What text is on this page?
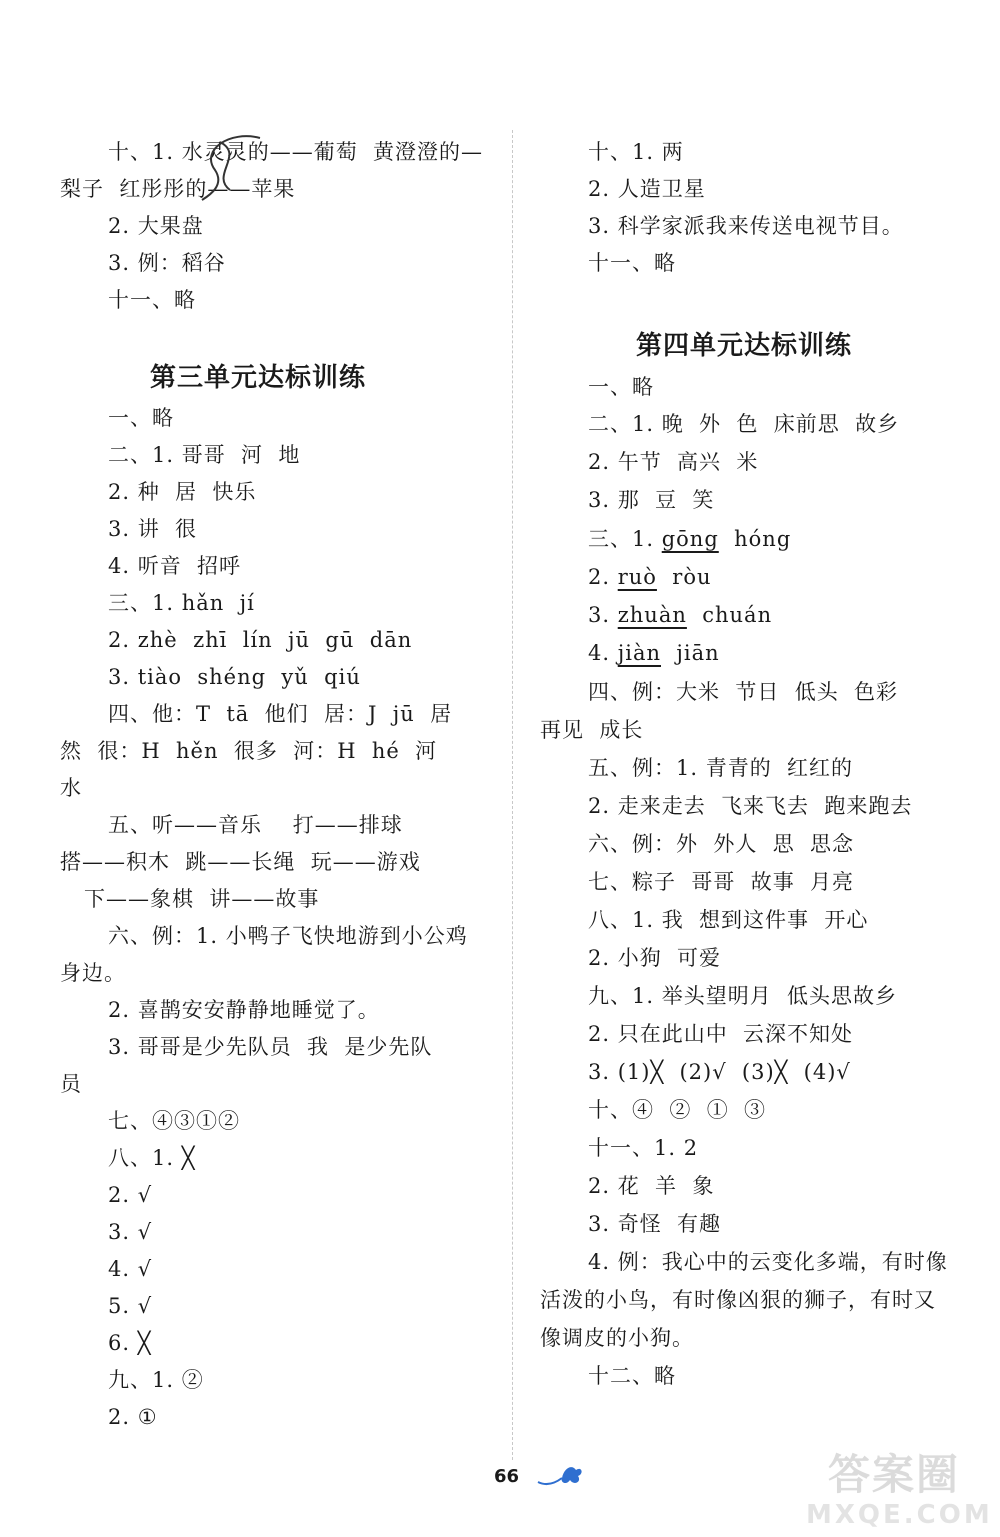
十、1. 水灵灵的——葡萄  黄澄澄的—
梨子  红彤彤的——苹果
2. 大果盘
3. 例：稻谷
十一、略
第三单元达标训练
一、略
二、1. 哥哥  河  地
2. 种  居  快乐
3. 讲  很
4. 听音  招呼
三、1. hǎn  jí
2. zhè  zhī  lín  jū  gū  dān
3. tiào  shéng  yǔ  qiú
四、他：T  tā  他们  居：J  jū  居
然  很：H  hěn  很多  河：H  hé  河
水
五、听——音乐    打——排球
搭——积木  跳——长绳  玩——游戏
下——象棋  讲——故事
六、例：1. 小鸭子飞快地游到小公鸡
身边。
2. 喜鹊安安静静地睡觉了。
3. 哥哥是少先队员  我  是少先队
员
七、④③①②
八、1. ╳
2. √
3. √
4. √
5. √
6. ╳
九、1. ②
2. ①
十、1. 两
2. 人造卫星
3. 科学家派我来传送电视节目。
十一、略
第四单元达标训练
一、略
二、1. 晚  外  色  床前思  故乡
2. 午节  高兴  米
3. 那  豆  笑
三、1. gōng  hóng
2. ruò  ròu
3. zhuàn  chuán
4. jiàn  jiān
四、例：大米  节日  低头  色彩
再见  成长
五、例：1. 青青的  红红的
2. 走来走去  飞来飞去  跑来跑去
六、例：外  外人  思  思念
七、粽子  哥哥  故事  月亮
八、1. 我  想到这件事  开心
2. 小狗  可爱
九、1. 举头望明月  低头思故乡
2. 只在此山中  云深不知处
3. (1)╳  (2)√  (3)╳  (4)√
十、④  ②  ①  ③
十一、1. 2
2. 花  羊  象
3. 奇怪  有趣
4. 例：我心中的云变化多端，有时像
活泼的小鸟，有时像凶狠的狮子，有时又
像调皮的小狗。
十二、略
66	答案圈
MXQE.COM
